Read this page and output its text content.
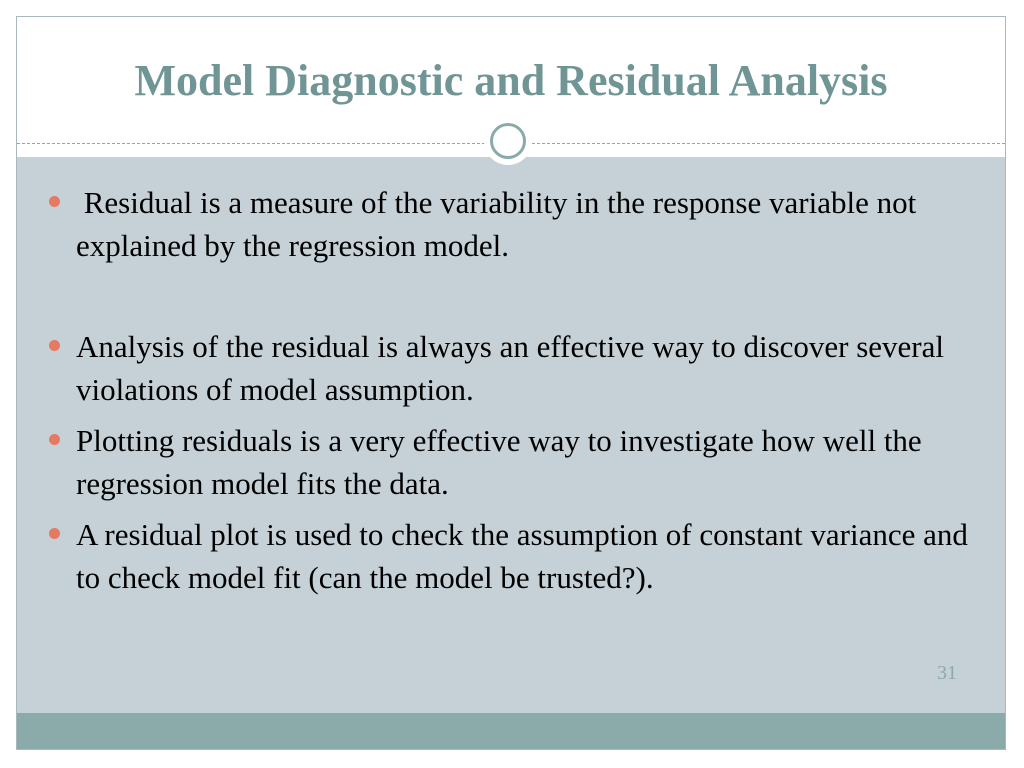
Model Diagnostic and Residual Analysis
Residual is a measure of the variability in the response variable not explained by the regression model.
Analysis of the residual is always an effective way to discover several violations of model assumption.
Plotting residuals is a very effective way to investigate how well the regression model fits the data.
A residual plot is used to check the assumption of constant variance and to check model fit (can the model be trusted?).
31
